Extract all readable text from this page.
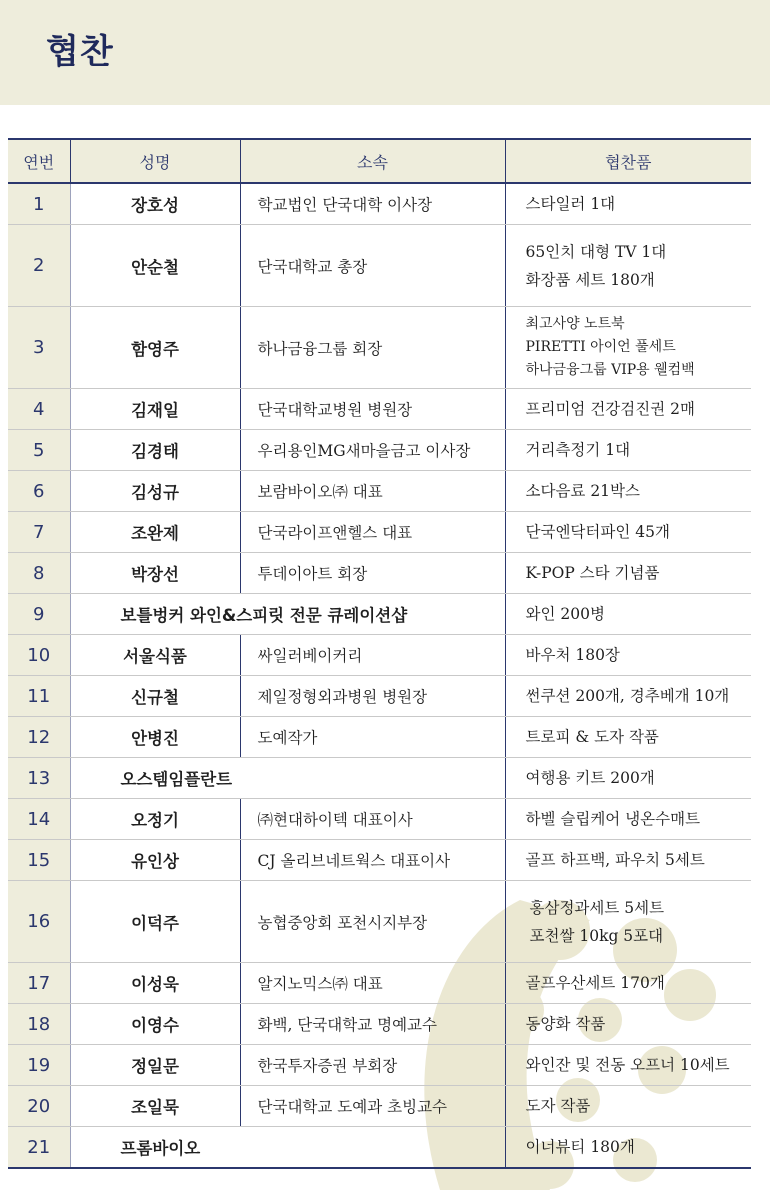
협찬
연번	성명	소속	협찬품
1	장호성	학교법인 단국대학 이사장	스타일러 1대
2	안순철	단국대학교 총장	65인치 대형 TV 1대
화장품 세트 180개

3	함영주	하나금융그룹 회장	최고사양 노트북
PIRETTI 아이언 풀세트
하나금융그룹 VIP용 웰컴백

4	김재일	단국대학교병원 병원장	프리미엄 건강검진권 2매
5	김경태	우리용인MG새마을금고 이사장	거리측정기 1대
6	김성규	보람바이오㈜ 대표	소다음료 21박스
7	조완제	단국라이프앤헬스 대표	단국엔닥터파인 45개
8	박장선	투데이아트 회장	K-POP 스타 기념품
9	보틀벙커 와인&스피릿 전문 큐레이션샵		와인 200병
10	서울식품	싸일러베이커리	바우처 180장
11	신규철	제일정형외과병원 병원장	썬쿠션 200개, 경추베개 10개
12	안병진	도예작가	트로피 & 도자 작품
13	오스템임플란트		여행용 키트 200개
14	오정기	㈜현대하이텍 대표이사	하벨 슬립케어 냉온수매트
15	유인상	CJ 올리브네트웍스 대표이사	골프 하프백, 파우치 5세트
16	이덕주	농협중앙회 포천시지부장	홍삼정과세트 5세트
포천쌀 10kg 5포대

17	이성욱	알지노믹스㈜ 대표	골프우산세트 170개
18	이영수	화백, 단국대학교 명예교수	동양화 작품
19	정일문	한국투자증권 부회장	와인잔 및 전동 오프너 10세트
20	조일묵	단국대학교 도예과 초빙교수	도자 작품
21	프롬바이오		이너뷰티 180개
